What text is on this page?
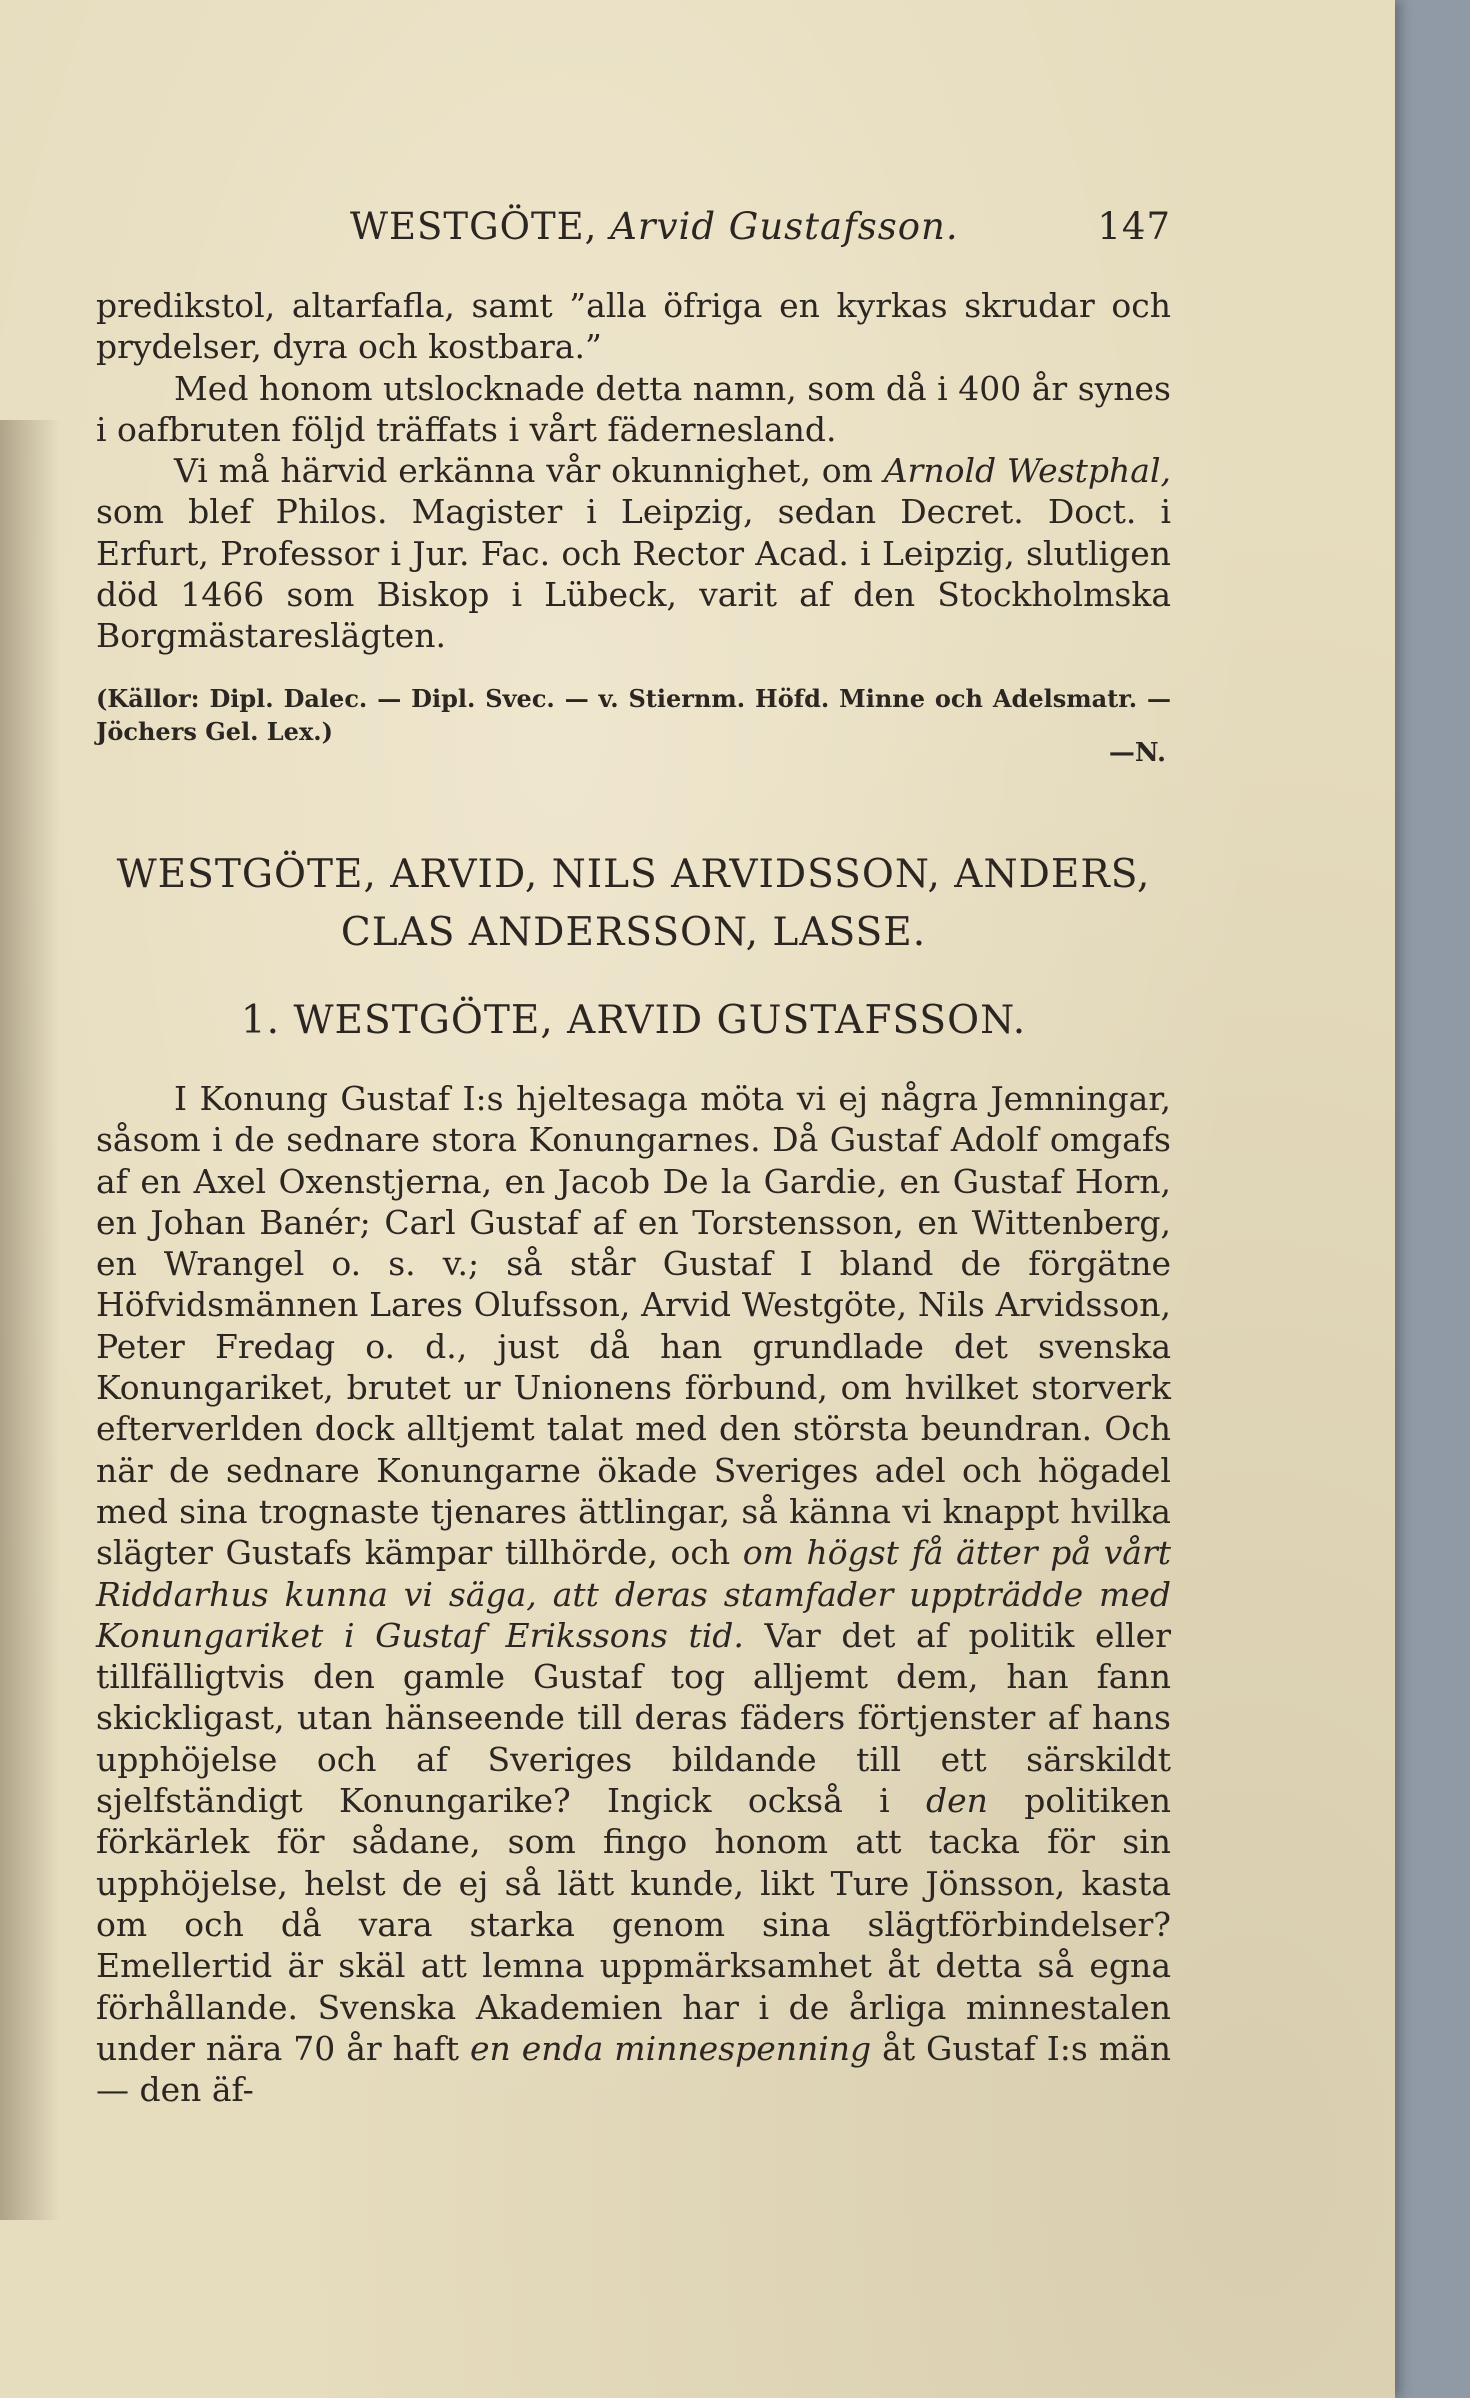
WESTGÖTE, Arvid Gustafsson.	147

predikstol, altarfafla, samt ”alla öfriga en kyrkas skrudar och prydelser, dyra och kostbara.”

Med honom utslocknade detta namn, som då i 400 år synes i oafbruten följd träffats i vårt fädernesland.

Vi må härvid erkänna vår okunnighet, om Arnold Westphal, som blef Philos. Magister i Leipzig, sedan Decret. Doct. i Erfurt, Professor i Jur. Fac. och Rector Acad. i Leipzig, slutligen död 1466 som Biskop i Lübeck, varit af den Stockholmska Borgmästareslägten.

(Källor: Dipl. Dalec. — Dipl. Svec. — v. Stiernm. Höfd. Minne och Adelsmatr. — Jöchers Gel. Lex.)
—N.
WESTGÖTE, ARVID, NILS ARVIDSSON, ANDERS,
CLAS ANDERSSON, LASSE.
1. WESTGÖTE, ARVID GUSTAFSSON.

I Konung Gustaf I:s hjeltesaga möta vi ej några Jemningar, såsom i de sednare stora Konungarnes. Då Gustaf Adolf omgafs af en Axel Oxenstjerna, en Jacob De la Gardie, en Gustaf Horn, en Johan Banér; Carl Gustaf af en Torstensson, en Wittenberg, en Wrangel o. s. v.; så står Gustaf I bland de förgätne Höfvidsmännen Lares Olufsson, Arvid Westgöte, Nils Arvidsson, Peter Fredag o. d., just då han grundlade det svenska Konungariket, brutet ur Unionens förbund, om hvilket storverk efterverlden dock alltjemt talat med den största beundran. Och när de sednare Konungarne ökade Sveriges adel och högadel med sina trognaste tjenares ättlingar, så känna vi knappt hvilka slägter Gustafs kämpar tillhörde, och om högst få ätter på vårt Riddarhus kunna vi säga, att deras stamfader uppträdde med Konungariket i Gustaf Erikssons tid. Var det af politik eller tillfälligtvis den gamle Gustaf tog alljemt dem, han fann skickligast, utan hänseende till deras fäders förtjenster af hans upphöjelse och af Sveriges bildande till ett särskildt sjelfständigt Konungarike? Ingick också i den politiken förkärlek för sådane, som fingo honom att tacka för sin upphöjelse, helst de ej så lätt kunde, likt Ture Jönsson, kasta om och då vara starka genom sina slägtförbindelser? Emellertid är skäl att lemna uppmärksamhet åt detta så egna förhållande. Svenska Akademien har i de årliga minnestalen under nära 70 år haft en enda minnespenning åt Gustaf I:s män — den äf-
